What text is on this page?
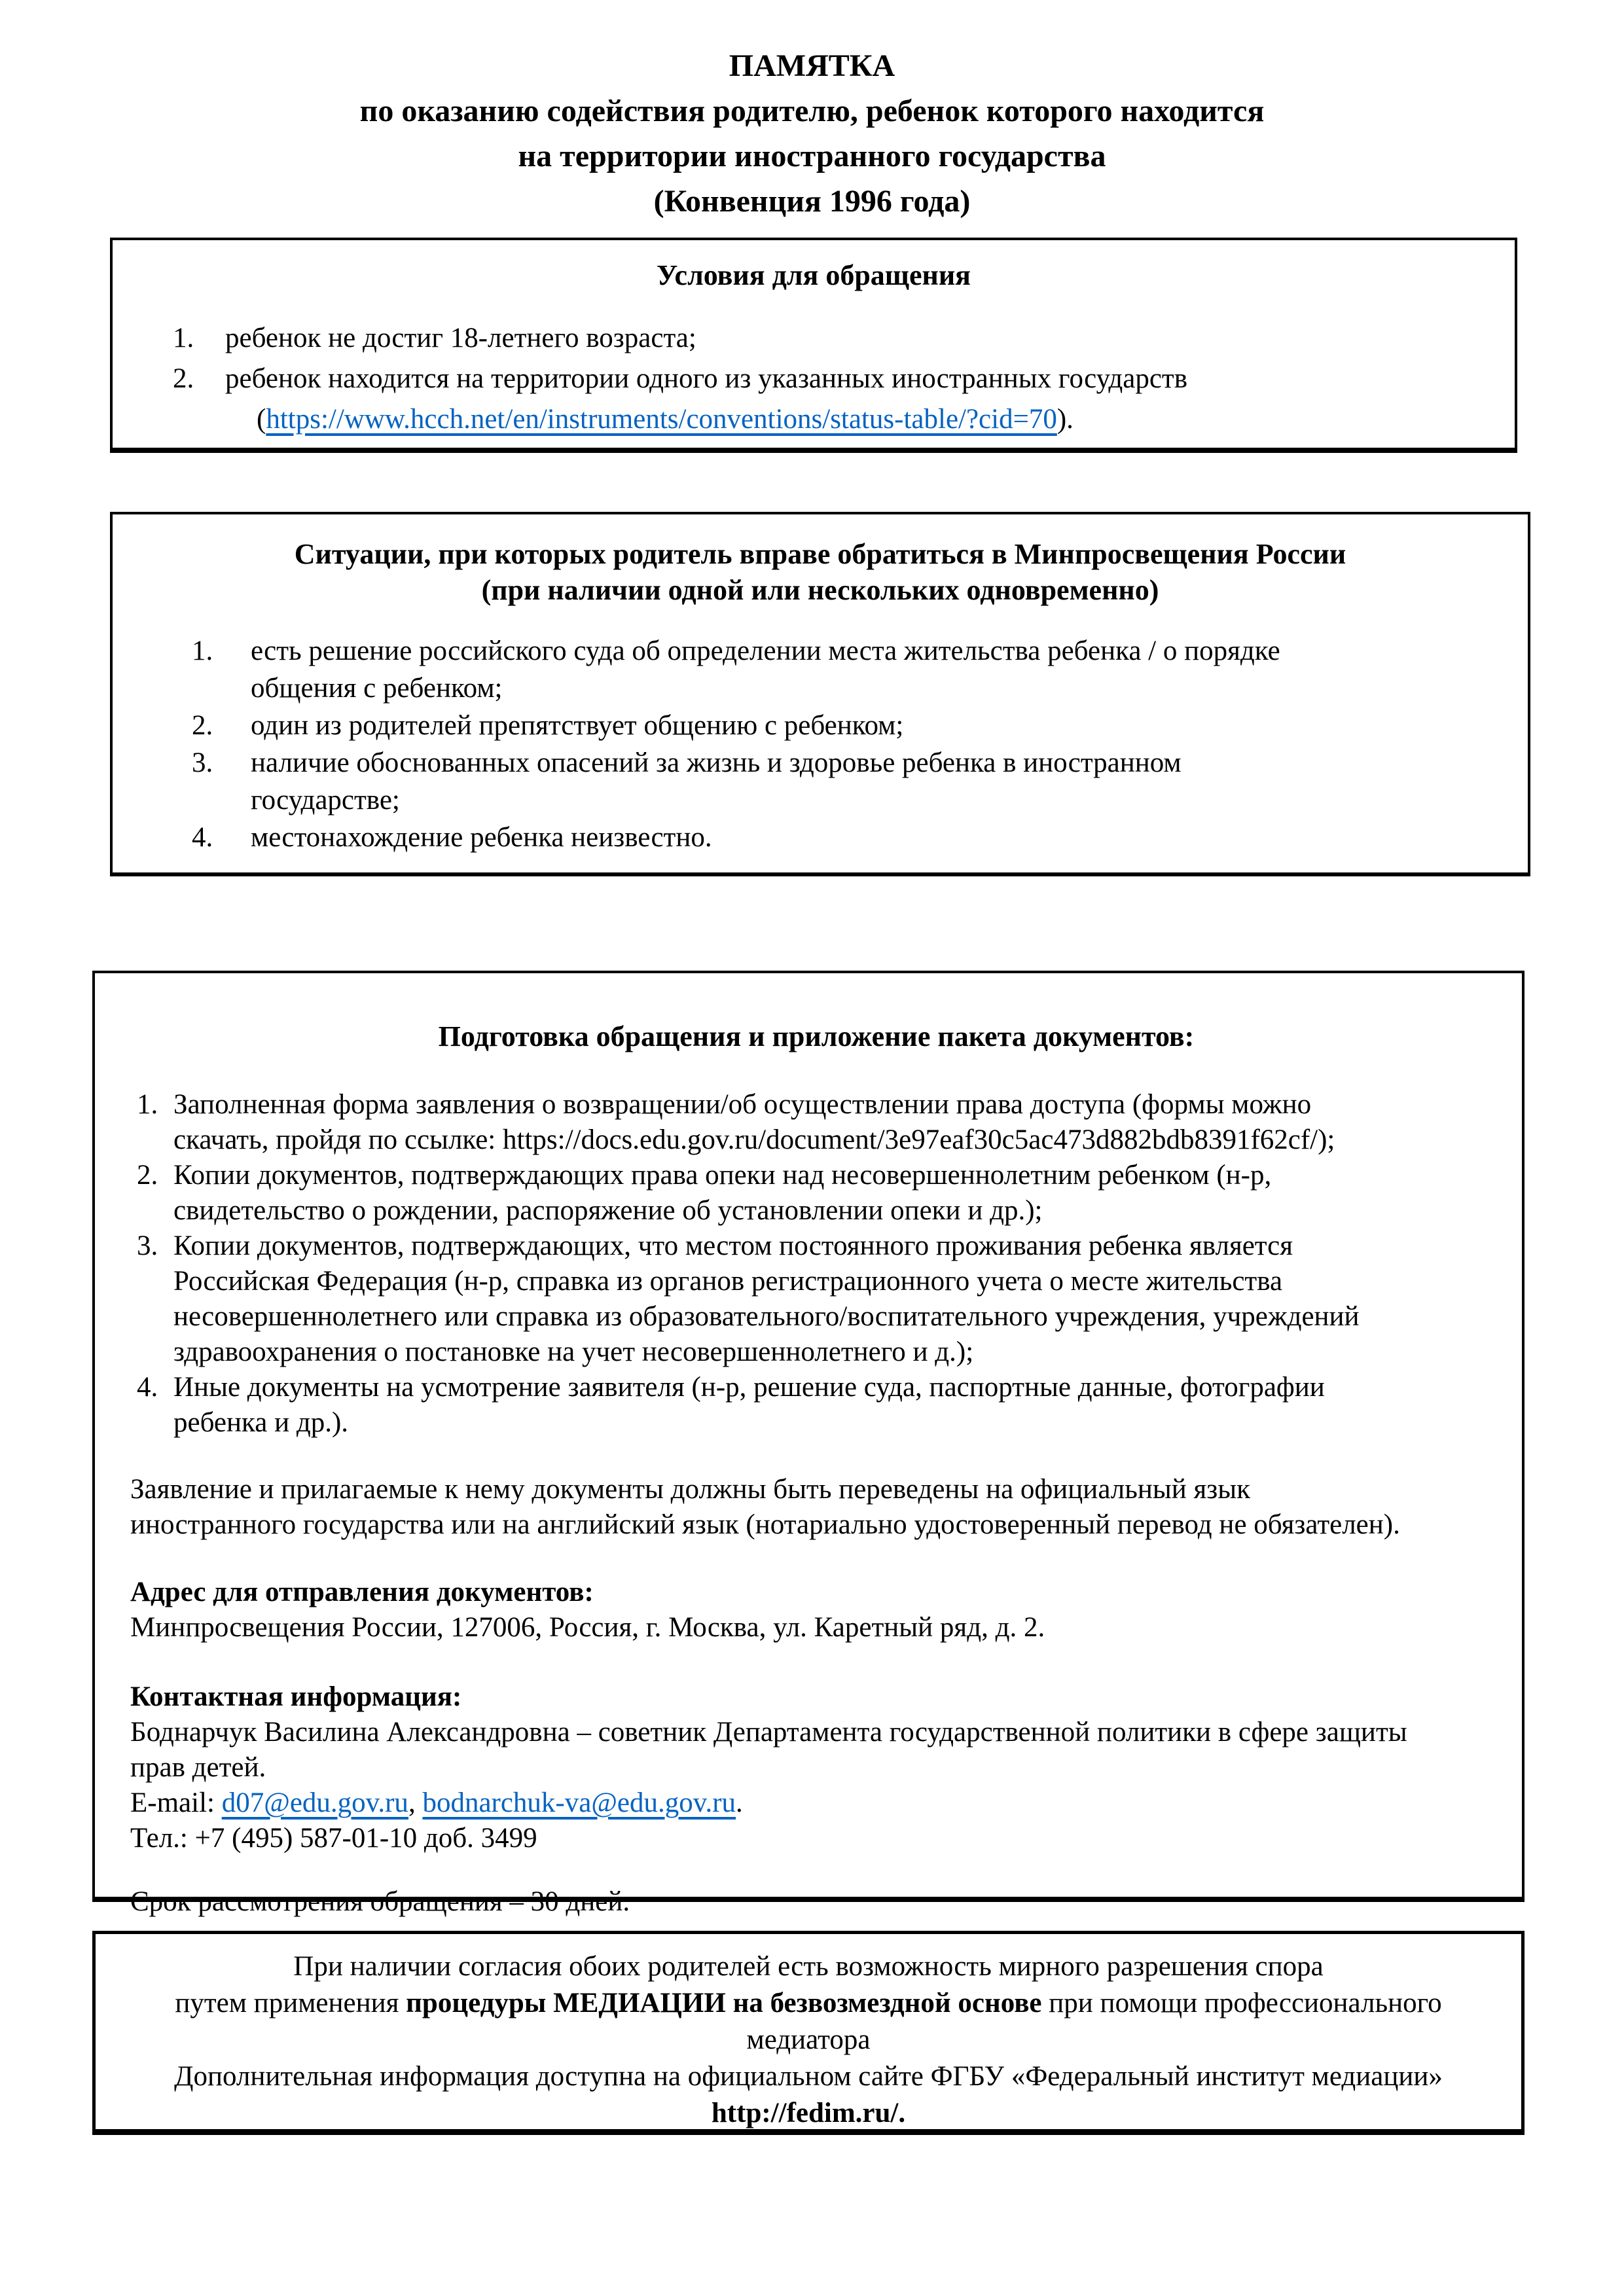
ПАМЯТКА
по оказанию содействия родителю, ребенок которого находится
на территории иностранного государства
(Конвенция 1996 года)
Условия для обращения
1.	ребенок не достиг 18-летнего возраста;
2.	ребенок находится на территории одного из указанных иностранных государств
(https://www.hcch.net/en/instruments/conventions/status-table/?cid=70).
Ситуации, при которых родитель вправе обратиться в Минпросвещения России
(при наличии одной или нескольких одновременно)
1.	есть решение российского суда об определении места жительства ребенка / о порядке
общения с ребенком;
2.	один из родителей препятствует общению с ребенком;
3.	наличие обоснованных опасений за жизнь и здоровье ребенка в иностранном
государстве;
4.	местонахождение ребенка неизвестно.
Подготовка обращения и приложение пакета документов:
1. Заполненная форма заявления о возвращении/об осуществлении права доступа (формы можно
скачать, пройдя по ссылке: https://docs.edu.gov.ru/document/3e97eaf30c5ac473d882bdb8391f62cf/);
2. Копии документов, подтверждающих права опеки над несовершеннолетним ребенком (н-р,
свидетельство о рождении, распоряжение об установлении опеки и др.);
3. Копии документов, подтверждающих, что местом постоянного проживания ребенка является
Российская Федерация (н-р, справка из органов регистрационного учета о месте жительства
несовершеннолетнего или справка из образовательного/воспитательного учреждения, учреждений
здравоохранения о постановке на учет несовершеннолетнего и д.);
4. Иные документы на усмотрение заявителя (н-р, решение суда, паспортные данные, фотографии
ребенка и др.).
Заявление и прилагаемые к нему документы должны быть переведены на официальный язык
иностранного государства или на английский язык (нотариально удостоверенный перевод не обязателен).
Адрес для отправления документов:
Минпросвещения России, 127006, Россия, г. Москва, ул. Каретный ряд, д. 2.
Контактная информация:
Боднарчук Василина Александровна – советник Департамента государственной политики в сфере защиты
прав детей.
E-mail: d07@edu.gov.ru, bodnarchuk-va@edu.gov.ru.
Тел.: +7 (495) 587-01-10 доб. 3499
Срок рассмотрения обращения – 30 дней.
При наличии согласия обоих родителей есть возможность мирного разрешения спора
путем применения процедуры МЕДИАЦИИ на безвозмездной основе при помощи профессионального
медиатора
Дополнительная информация доступна на официальном сайте ФГБУ «Федеральный институт медиации»
http://fedim.ru/.
